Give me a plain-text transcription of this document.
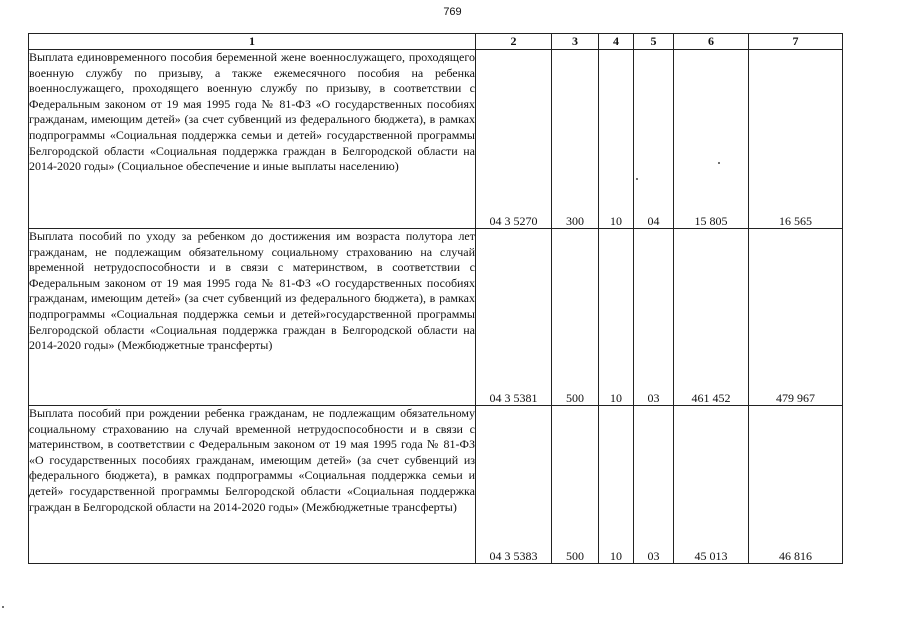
769
1	2	3	4	5	6	7
Выплата единовременного пособия беременной жене военнослужащего, проходящего военную службу по призыву, а также ежемесячного пособия на ребенка военнослужащего, проходящего военную службу по призыву, в соответствии с Федеральным законом от 19 мая 1995 года № 81-ФЗ «О государственных пособиях гражданам, имеющим детей» (за счет субвенций из федерального бюджета), в рамках подпрограммы «Социальная поддержка семьи и детей» государственной программы Белгородской области «Социальная поддержка граждан в Белгородской области на 2014-2020 годы» (Социальное обеспечение и иные выплаты населению)	04 3 5270	300	10	04	15 805	16 565
Выплата пособий по уходу за ребенком до достижения им возраста полутора лет гражданам, не подлежащим обязательному социальному страхованию на случай временной нетрудоспособности и в связи с материнством, в соответствии с Федеральным законом от 19 мая 1995 года № 81-ФЗ «О государственных пособиях гражданам, имеющим детей» (за счет субвенций из федерального бюджета), в рамках подпрограммы «Социальная поддержка семьи и детей»государственной программы Белгородской области «Социальная поддержка граждан в Белгородской области на 2014-2020 годы» (Межбюджетные трансферты)	04 3 5381	500	10	03	461 452	479 967
Выплата пособий при рождении ребенка гражданам, не подлежащим обязательному социальному страхованию на случай временной нетрудоспособности и в связи с материнством, в соответствии с Федеральным законом от 19 мая 1995 года № 81-ФЗ «О государственных пособиях гражданам, имеющим детей» (за счет субвенций из федерального бюджета), в рамках подпрограммы «Социальная поддержка семьи и детей» государственной программы Белгородской области «Социальная поддержка граждан в Белгородской области на 2014-2020 годы» (Межбюджетные трансферты)	04 3 5383	500	10	03	45 013	46 816
